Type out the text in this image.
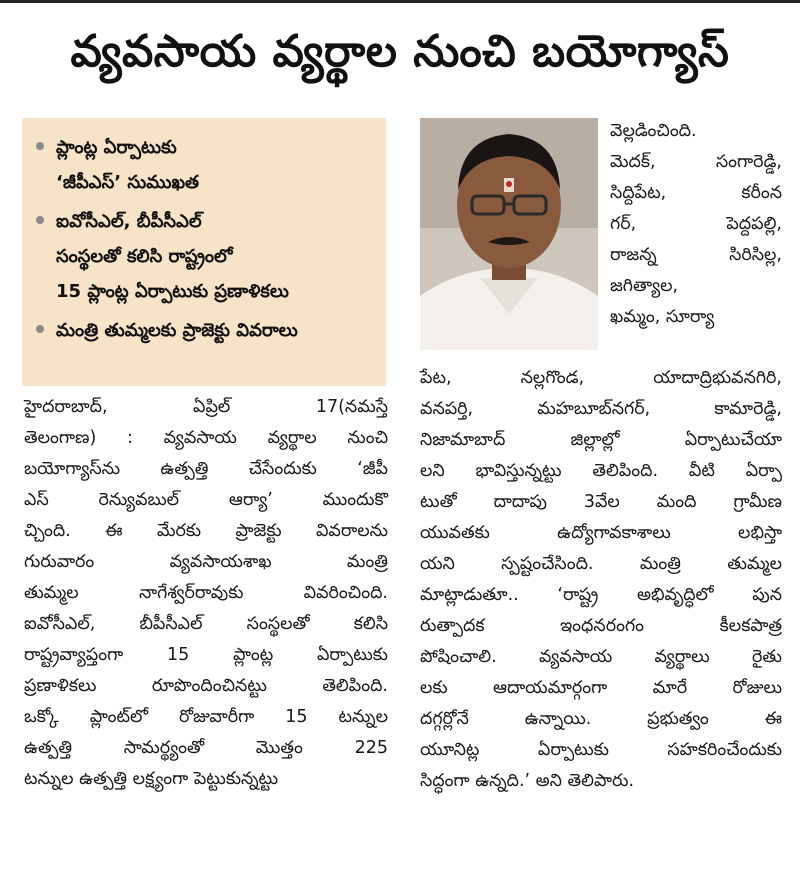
వ్యవసాయ వ్యర్థాల నుంచి బయోగ్యాస్
ప్లాంట్ల ఏర్పాటుకు
‘జీపీఎస్’ సుముఖత
ఐవోసీఎల్, బీపీసీఎల్
సంస్థలతో కలిసి రాష్ట్రంలో
15 ప్లాంట్ల ఏర్పాటుకు ప్రణాళికలు
మంత్రి తుమ్మలకు ప్రాజెక్టు వివరాలు
హైదరాబాద్, ఏప్రిల్ 17(నమస్తే
తెలంగాణ) : వ్యవసాయ వ్యర్థాల నుంచి
బయోగ్యాస్‌ను ఉత్పత్తి చేసేందుకు ‘జీపీ
ఎస్ రెన్యువబుల్ ఆర్యా’ ముందుకొ
చ్చింది. ఈ మేరకు ప్రాజెక్టు వివరాలను
గురువారం వ్యవసాయశాఖ మంత్రి
తుమ్మల నాగేశ్వర్‌రావుకు వివరించింది.
ఐవోసీఎల్, బీపీసీఎల్ సంస్థలతో కలిసి
రాష్ట్రవ్యాప్తంగా 15 ప్లాంట్ల ఏర్పాటుకు
ప్రణాళికలు రూపొందించినట్టు తెలిపింది.
ఒక్కో ప్లాంట్‌లో రోజువారీగా 15 టన్నుల
ఉత్పత్తి సామర్థ్యంతో మొత్తం 225
టన్నుల ఉత్పత్తి లక్ష్యంగా పెట్టుకున్నట్టు
వెల్లడించింది.
మెదక్, సంగారెడ్డి,
సిద్దిపేట, కరీంన
గర్, పెద్దపల్లి,
రాజన్న సిరిసిల్ల,
జగిత్యాల,
ఖమ్మం, సూర్యా
పేట, నల్లగొండ, యాదాద్రిభువనగిరి,
వనపర్తి, మహబూబ్‌నగర్, కామారెడ్డి,
నిజామాబాద్ జిల్లాల్లో ఏర్పాటుచేయా
లని భావిస్తున్నట్టు తెలిపింది. వీటి ఏర్పా
టుతో దాదాపు 3వేల మంది గ్రామీణ
యువతకు ఉద్యోగావకాశాలు లభిస్తా
యని స్పష్టంచేసింది. మంత్రి తుమ్మల
మాట్లాడుతూ.. ‘రాష్ట్ర అభివృద్ధిలో పున
రుత్పాదక ఇంధనరంగం కీలకపాత్ర
పోషించాలి. వ్యవసాయ వ్యర్థాలు రైతు
లకు ఆదాయమార్గంగా మారే రోజులు
దగ్గర్లోనే ఉన్నాయి. ప్రభుత్వం ఈ
యూనిట్ల ఏర్పాటుకు సహకరించేందుకు
సిద్ధంగా ఉన్నది.’ అని తెలిపారు.
